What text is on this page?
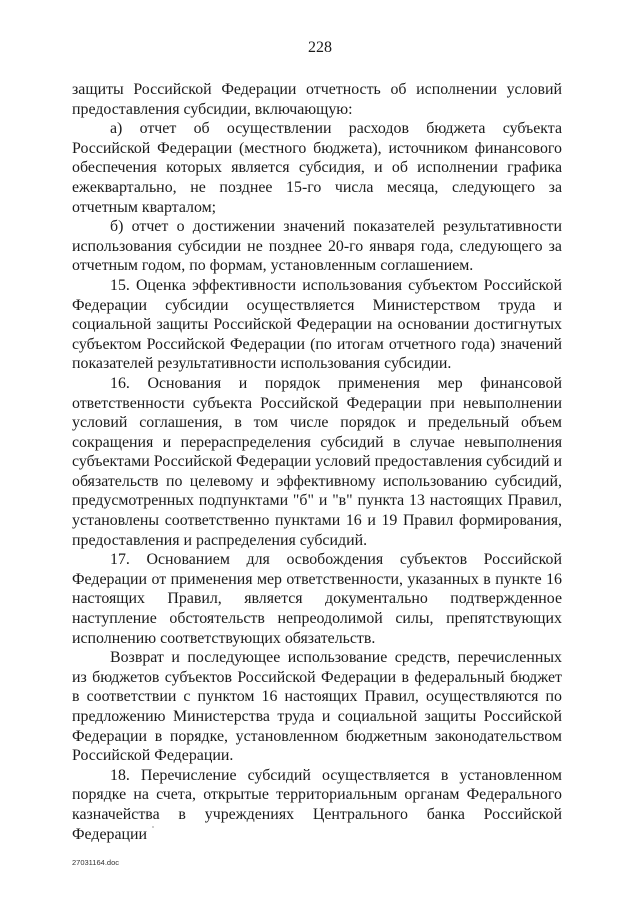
228

защиты Российской Федерации отчетность об исполнении условий предоставления субсидии, включающую:

а) отчет об осуществлении расходов бюджета субъекта Российской Федерации (местного бюджета), источником финансового обеспечения которых является субсидия, и об исполнении графика ежеквартально, не позднее 15-го числа месяца, следующего за отчетным кварталом;

б) отчет о достижении значений показателей результативности использования субсидии не позднее 20-го января года, следующего за отчетным годом, по формам, установленным соглашением.

15. Оценка эффективности использования субъектом Российской Федерации субсидии осуществляется Министерством труда и социальной защиты Российской Федерации на основании достигнутых субъектом Российской Федерации (по итогам отчетного года) значений показателей результативности использования субсидии.

16. Основания и порядок применения мер финансовой ответственности субъекта Российской Федерации при невыполнении условий соглашения, в том числе порядок и предельный объем сокращения и перераспределения субсидий в случае невыполнения субъектами Российской Федерации условий предоставления субсидий и обязательств по целевому и эффективному использованию субсидий, предусмотренных подпунктами "б" и "в" пункта 13 настоящих Правил, установлены соответственно пунктами 16 и 19 Правил формирования, предоставления и распределения субсидий.

17. Основанием для освобождения субъектов Российской Федерации от применения мер ответственности, указанных в пункте 16 настоящих Правил, является документально подтвержденное наступление обстоятельств непреодолимой силы, препятствующих исполнению соответствующих обязательств.

Возврат и последующее использование средств, перечисленных из бюджетов субъектов Российской Федерации в федеральный бюджет в соответствии с пунктом 16 настоящих Правил, осуществляются по предложению Министерства труда и социальной защиты Российской Федерации в порядке, установленном бюджетным законодательством Российской Федерации.

18. Перечисление субсидий осуществляется в установленном порядке на счета, открытые территориальным органам Федерального казначейства в учреждениях Центрального банка Российской Федерации

27031164.doc
